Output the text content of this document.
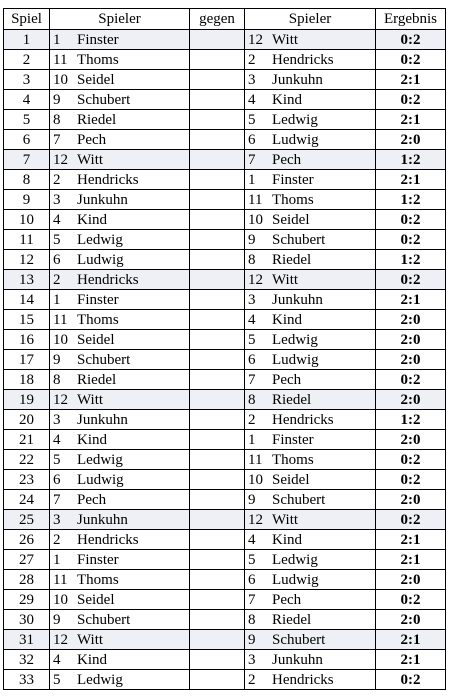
Spiel	Spieler	gegen	Spieler	Ergebnis
1	1 Finster		12 Witt	0:2
2	11 Thoms		2 Hendricks	0:2
3	10 Seidel		3 Junkuhn	2:1
4	9 Schubert		4 Kind	0:2
5	8 Riedel		5 Ledwig	2:1
6	7 Pech		6 Ludwig	2:0
7	12 Witt		7 Pech	1:2
8	2 Hendricks		1 Finster	2:1
9	3 Junkuhn		11 Thoms	1:2
10	4 Kind		10 Seidel	0:2
11	5 Ledwig		9 Schubert	0:2
12	6 Ludwig		8 Riedel	1:2
13	2 Hendricks		12 Witt	0:2
14	1 Finster		3 Junkuhn	2:1
15	11 Thoms		4 Kind	2:0
16	10 Seidel		5 Ledwig	2:0
17	9 Schubert		6 Ludwig	2:0
18	8 Riedel		7 Pech	0:2
19	12 Witt		8 Riedel	2:0
20	3 Junkuhn		2 Hendricks	1:2
21	4 Kind		1 Finster	2:0
22	5 Ledwig		11 Thoms	0:2
23	6 Ludwig		10 Seidel	0:2
24	7 Pech		9 Schubert	2:0
25	3 Junkuhn		12 Witt	0:2
26	2 Hendricks		4 Kind	2:1
27	1 Finster		5 Ledwig	2:1
28	11 Thoms		6 Ludwig	2:0
29	10 Seidel		7 Pech	0:2
30	9 Schubert		8 Riedel	2:0
31	12 Witt		9 Schubert	2:1
32	4 Kind		3 Junkuhn	2:1
33	5 Ledwig		2 Hendricks	0:2
